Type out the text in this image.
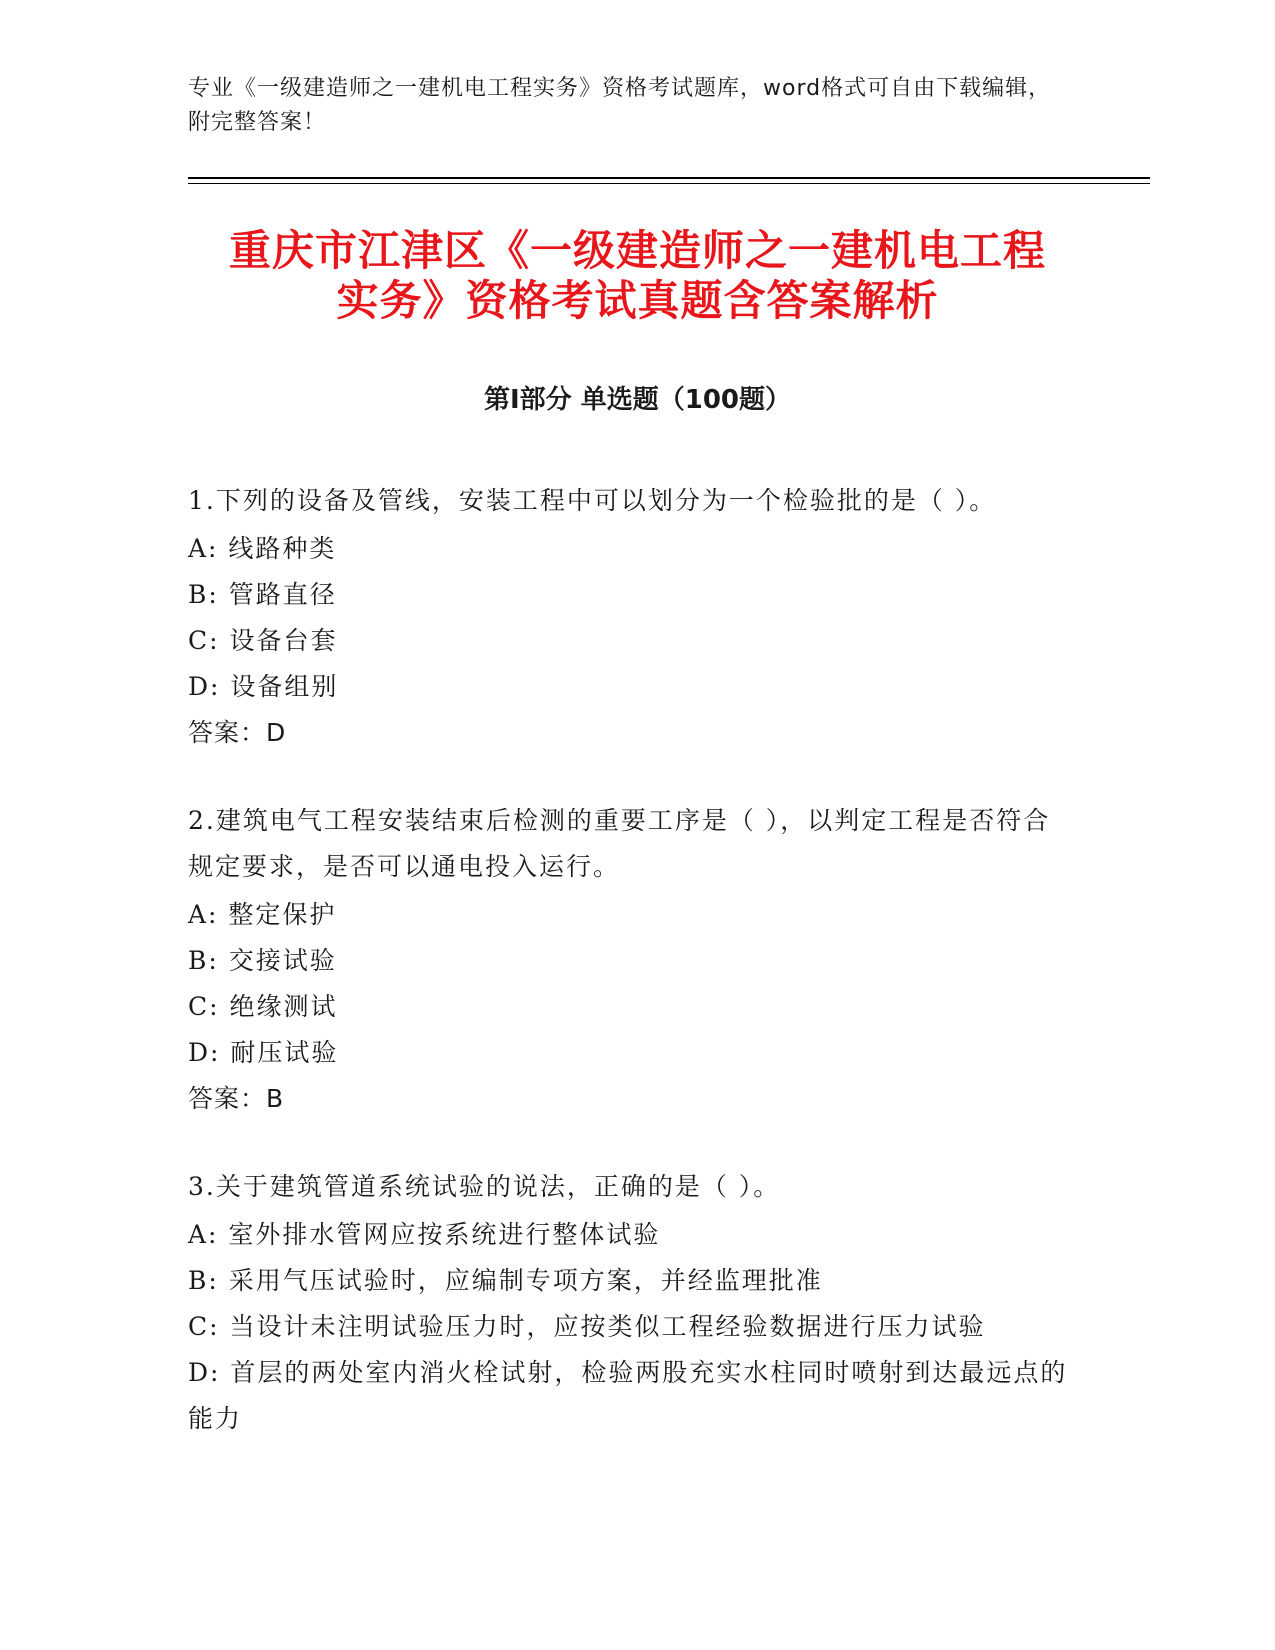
专业《一级建造师之一建机电工程实务》资格考试题库，word格式可自由下载编辑，附完整答案！
重庆市江津区《一级建造师之一建机电工程
实务》资格考试真题含答案解析
第Ⅰ部分 单选题（100题）
1.下列的设备及管线，安装工程中可以划分为一个检验批的是（ ）。
A: 线路种类
B: 管路直径
C: 设备台套
D: 设备组别
答案：D
2.建筑电气工程安装结束后检测的重要工序是（ ），以判定工程是否符合规定要求，是否可以通电投入运行。
A: 整定保护
B: 交接试验
C: 绝缘测试
D: 耐压试验
答案：B
3.关于建筑管道系统试验的说法，正确的是（ ）。
A: 室外排水管网应按系统进行整体试验
B: 采用气压试验时，应编制专项方案，并经监理批准
C: 当设计未注明试验压力时，应按类似工程经验数据进行压力试验
D: 首层的两处室内消火栓试射，检验两股充实水柱同时喷射到达最远点的能力
